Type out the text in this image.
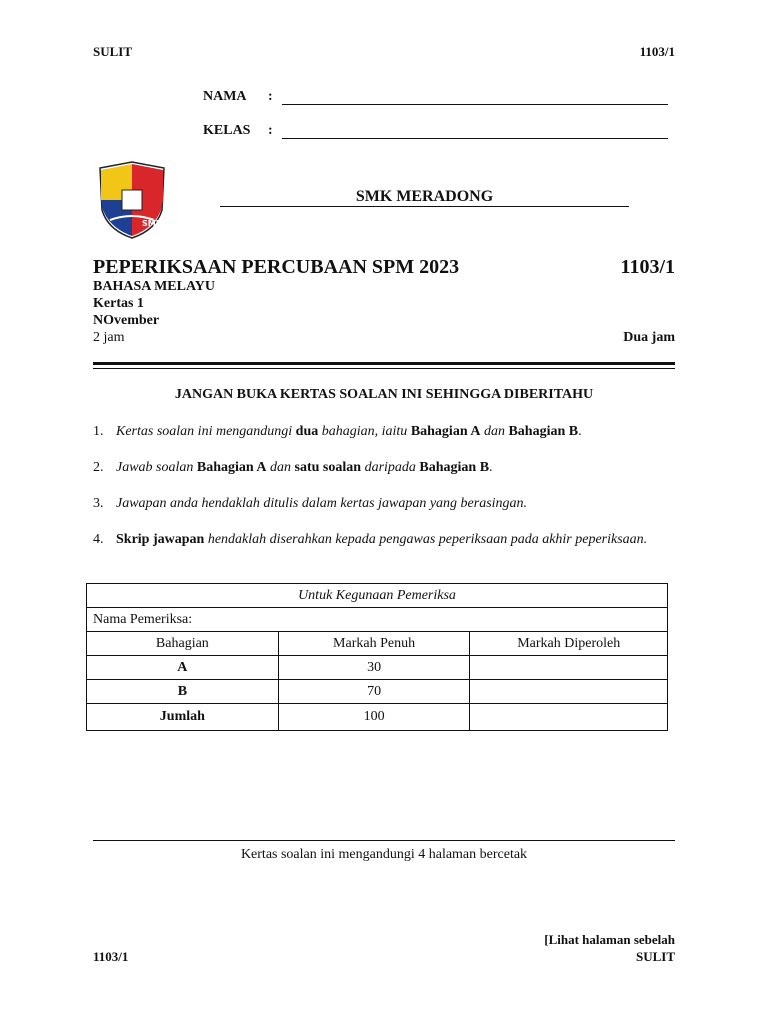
SULIT	1103/1
NAMA :
KELAS :
SMK
SMK MERADONG
PEPERIKSAAN PERCUBAAN SPM 2023	1103/1
BAHASA MELAYU
Kertas 1
NOvember
2 jam	Dua jam
JANGAN BUKA KERTAS SOALAN INI SEHINGGA DIBERITAHU
1. Kertas soalan ini mengandungi dua bahagian, iaitu Bahagian A dan Bahagian B.
2. Jawab soalan Bahagian A dan satu soalan daripada Bahagian B.
3. Jawapan anda hendaklah ditulis dalam kertas jawapan yang berasingan.
4. Skrip jawapan hendaklah diserahkan kepada pengawas peperiksaan pada akhir peperiksaan.
Untuk Kegunaan Pemeriksa		
Nama Pemeriksa:		
Bahagian	Markah Penuh	Markah Diperoleh
A	30	
B	70	
Jumlah	100	
Kertas soalan ini mengandungi 4 halaman bercetak
[Lihat halaman sebelah
1103/1	SULIT
